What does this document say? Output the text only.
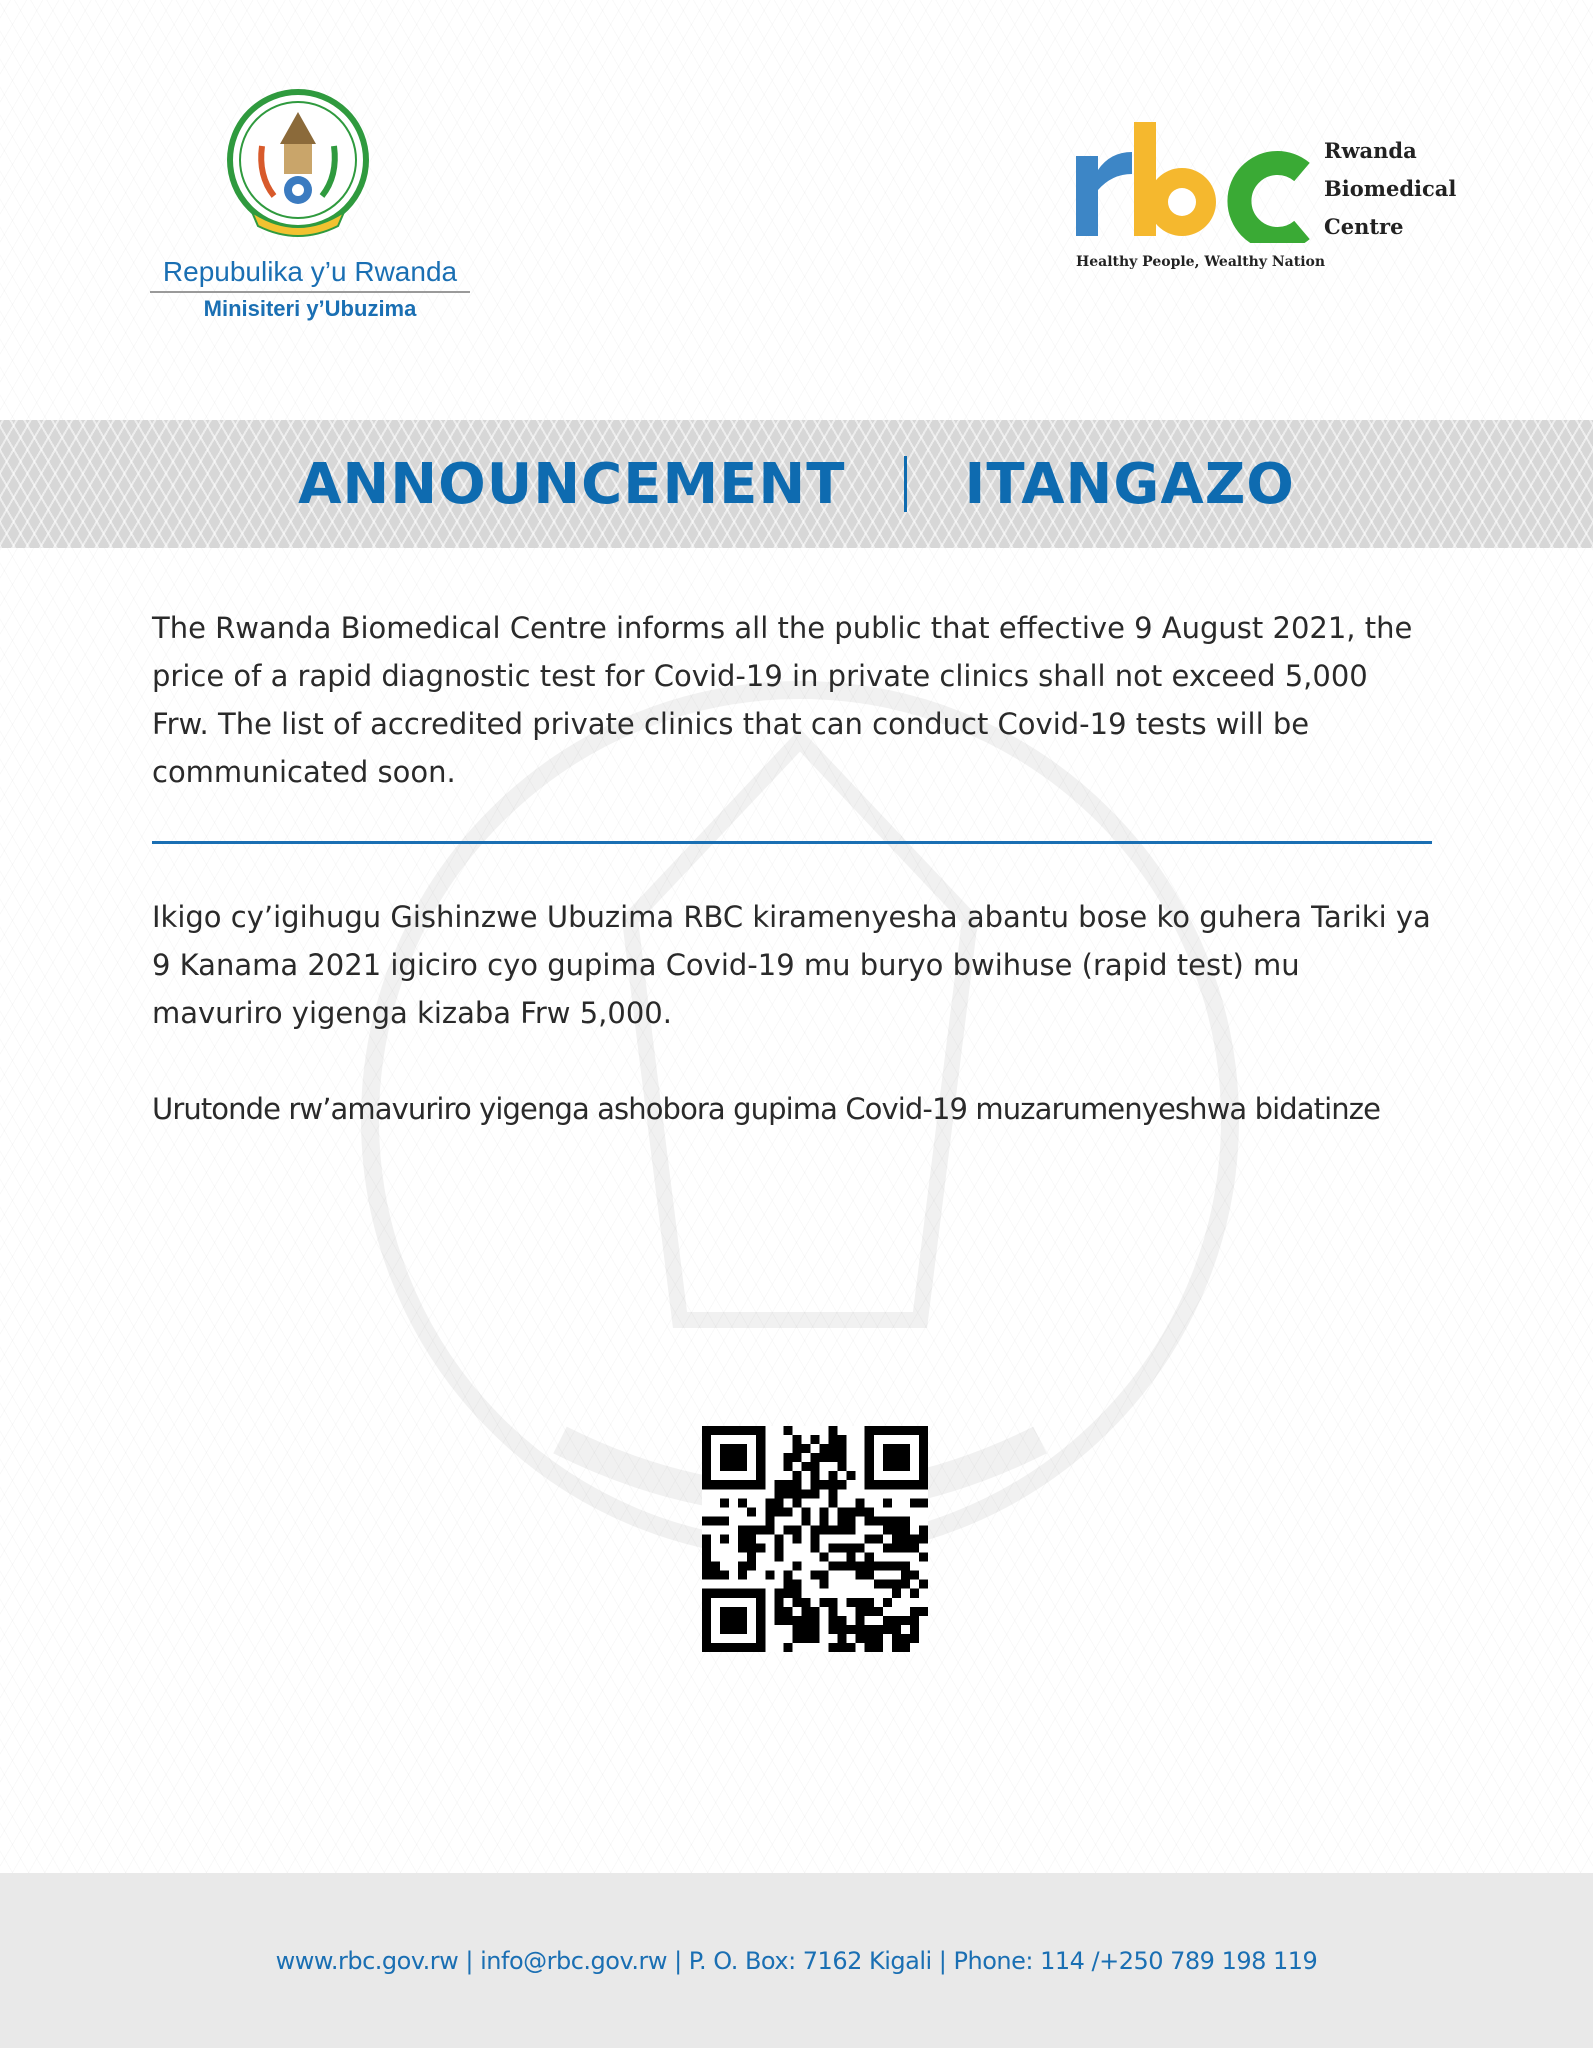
Repubulika y’u Rwanda
Minisiteri y’Ubuzima
Rwanda
Biomedical
Centre
Healthy People, Wealthy Nation
ANNOUNCEMENT ITANGAZO

The Rwanda Biomedical Centre informs all the public that effective 9 August 2021, the price of a rapid diagnostic test for Covid-19 in private clinics shall not exceed 5,000 Frw. The list of accredited private clinics that can conduct Covid-19 tests will be communicated soon.

Ikigo cy’igihugu Gishinzwe Ubuzima RBC kiramenyesha abantu bose ko guhera Tariki ya 9 Kanama 2021 igiciro cyo gupima Covid-19 mu buryo bwihuse (rapid test) mu mavuriro yigenga kizaba Frw 5,000.

Urutonde rw’amavuriro yigenga ashobora gupima Covid-19 muzarumenyeshwa bidatinze

www.rbc.gov.rw | info@rbc.gov.rw | P. O. Box: 7162 Kigali | Phone: 114 /+250 789 198 119
